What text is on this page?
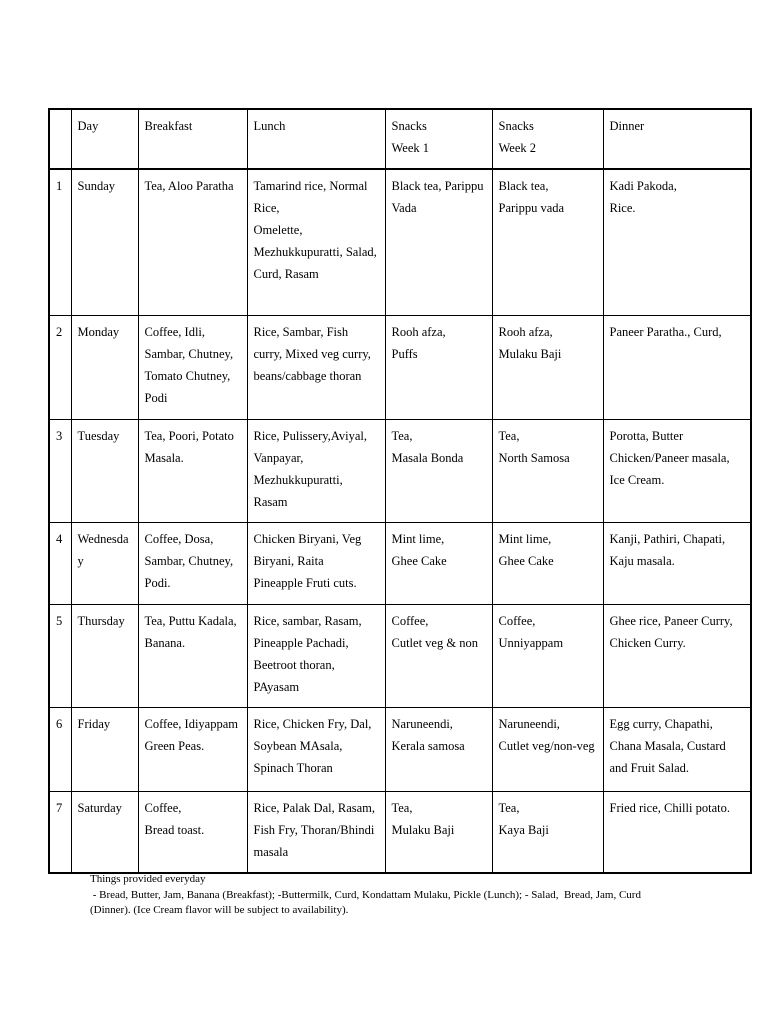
	Day	Breakfast	Lunch	Snacks
Week 1	Snacks
Week 2	Dinner

1	Sunday	Tea, Aloo Paratha	Tamarind rice, Normal Rice,
Omelette,
Mezhukkupuratti, Salad,
Curd, Rasam	Black tea, Parippu Vada	Black tea,
Parippu vada	Kadi Pakoda,
Rice.

2	Monday	Coffee, Idli, Sambar, Chutney, Tomato Chutney, Podi	Rice, Sambar, Fish curry, Mixed veg curry, beans/cabbage thoran	Rooh afza,
Puffs	Rooh afza,
Mulaku Baji	Paneer Paratha., Curd,

3	Tuesday	Tea, Poori, Potato Masala.	Rice, Pulissery,Aviyal, Vanpayar,
Mezhukkupuratti,
Rasam	Tea,
Masala Bonda	Tea,
North Samosa	Porotta, Butter Chicken/Paneer masala, Ice Cream.

4	Wednesda
y	Coffee, Dosa, Sambar, Chutney, Podi.	Chicken Biryani, Veg Biryani, Raita
Pineapple Fruti cuts.	Mint lime,
Ghee Cake	Mint lime,
Ghee Cake	Kanji, Pathiri, Chapati, Kaju masala.

5	Thursday	Tea, Puttu Kadala, Banana.	Rice, sambar, Rasam, Pineapple Pachadi, Beetroot thoran,
PAyasam	Coffee,
Cutlet veg & non	Coffee,
Unniyappam	Ghee rice, Paneer Curry, Chicken Curry.

6	Friday	Coffee, Idiyappam Green Peas.	Rice, Chicken Fry, Dal, Soybean MAsala,
Spinach Thoran	Naruneendi,
Kerala samosa	Naruneendi,
Cutlet veg/non-veg	Egg curry, Chapathi, Chana Masala, Custard and Fruit Salad.

7	Saturday	Coffee,
Bread toast.	Rice, Palak Dal, Rasam, Fish Fry, Thoran/Bhindi masala	Tea,
Mulaku Baji	Tea,
Kaya Baji	Fried rice, Chilli potato.
Things provided everyday
- Bread, Butter, Jam, Banana (Breakfast); -Buttermilk, Curd, Kondattam Mulaku, Pickle (Lunch); - Salad,  Bread, Jam, Curd
(Dinner). (Ice Cream flavor will be subject to availability).
